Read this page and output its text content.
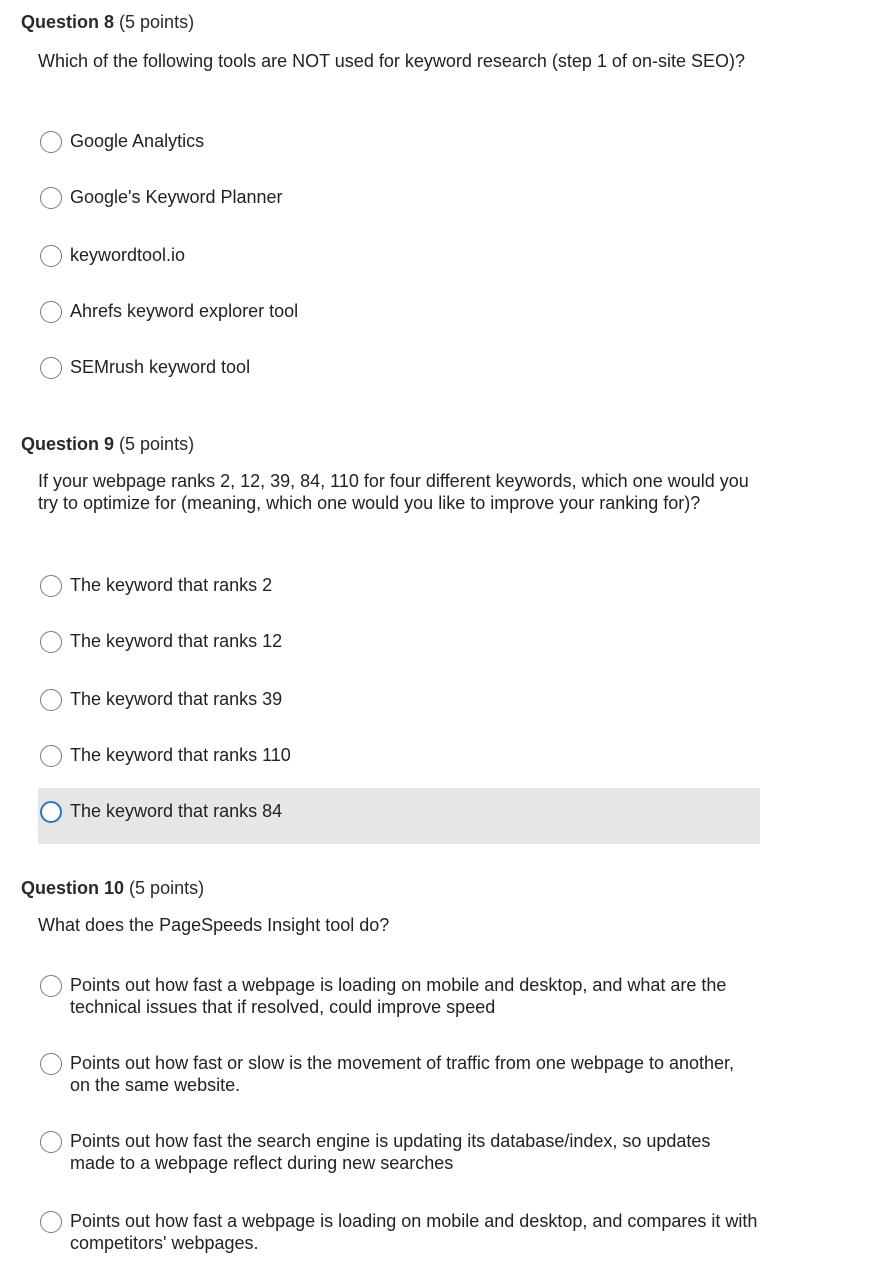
Question 8 (5 points)
Which of the following tools are NOT used for keyword research (step 1 of on-site SEO)?
Google Analytics
Google's Keyword Planner
keywordtool.io
Ahrefs keyword explorer tool
SEMrush keyword tool
Question 9 (5 points)
If your webpage ranks 2, 12, 39, 84, 110 for four different keywords, which one would you try to optimize for (meaning, which one would you like to improve your ranking for)?
The keyword that ranks 2
The keyword that ranks 12
The keyword that ranks 39
The keyword that ranks 110
The keyword that ranks 84
Question 10 (5 points)
What does the PageSpeeds Insight tool do?
Points out how fast a webpage is loading on mobile and desktop, and what are the technical issues that if resolved, could improve speed
Points out how fast or slow is the movement of traffic from one webpage to another, on the same website.
Points out how fast the search engine is updating its database/index, so updates made to a webpage reflect during new searches
Points out how fast a webpage is loading on mobile and desktop, and compares it with competitors' webpages.
